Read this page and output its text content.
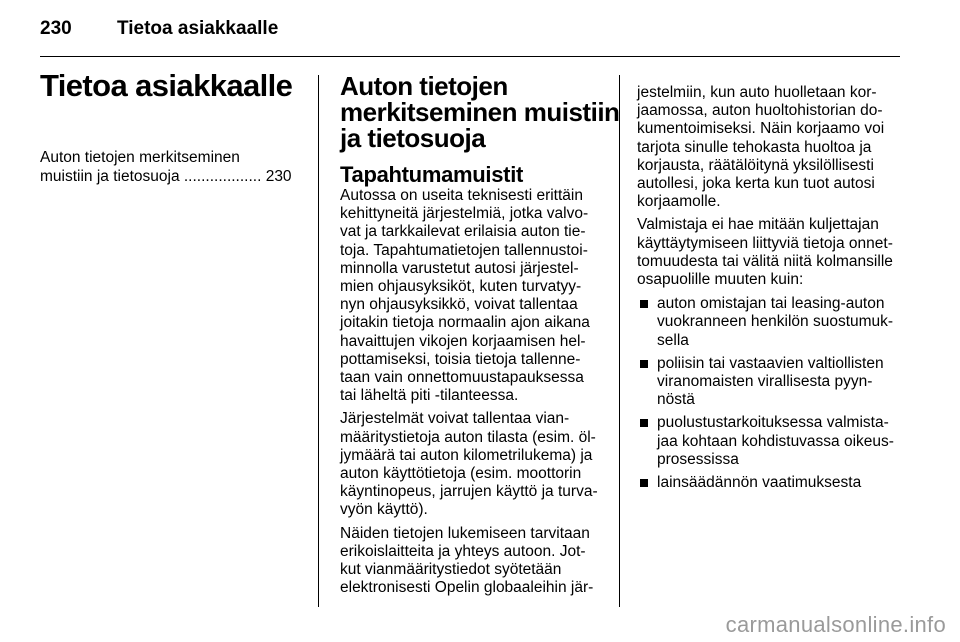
230 Tietoa asiakkaalle
Tietoa asiakkaalle
Auton tietojen merkitseminen
muistiin ja tietosuoja .................. 230
Auton tietojen
merkitseminen muistiin
ja tietosuoja
Tapahtumamuistit

Autossa on useita teknisesti erittäin
kehittyneitä järjestelmiä, jotka valvo-
vat ja tarkkailevat erilaisia auton tie-
toja. Tapahtumatietojen tallennustoi-
minnolla varustetut autosi järjestel-
mien ohjausyksiköt, kuten turvatyy-
nyn ohjausyksikkö, voivat tallentaa
joitakin tietoja normaalin ajon aikana
havaittujen vikojen korjaamisen hel-
pottamiseksi, toisia tietoja tallenne-
taan vain onnettomuustapauksessa
tai läheltä piti -tilanteessa.

Järjestelmät voivat tallentaa vian-
määritystietoja auton tilasta (esim. öl-
jymäärä tai auton kilometrilukema) ja
auton käyttötietoja (esim. moottorin
käyntinopeus, jarrujen käyttö ja turva-
vyön käyttö).

Näiden tietojen lukemiseen tarvitaan
erikoislaitteita ja yhteys autoon. Jot-
kut vianmääritystiedot syötetään
elektronisesti Opelin globaaleihin jär-

jestelmiin, kun auto huolletaan kor-
jaamossa, auton huoltohistorian do-
kumentoimiseksi. Näin korjaamo voi
tarjota sinulle tehokasta huoltoa ja
korjausta, räätälöitynä yksilöllisesti
autollesi, joka kerta kun tuot autosi
korjaamolle.

Valmistaja ei hae mitään kuljettajan
käyttäytymiseen liittyviä tietoja onnet-
tomuudesta tai välitä niitä kolmansille
osapuolille muuten kuin:

auton omistajan tai leasing-auton
vuokranneen henkilön suostumuk-
sella
poliisin tai vastaavien valtiollisten
viranomaisten virallisesta pyyn-
nöstä
puolustustarkoituksessa valmista-
jaa kohtaan kohdistuvassa oikeus-
prosessissa
lainsäädännön vaatimuksesta
carmanualsonline.info
